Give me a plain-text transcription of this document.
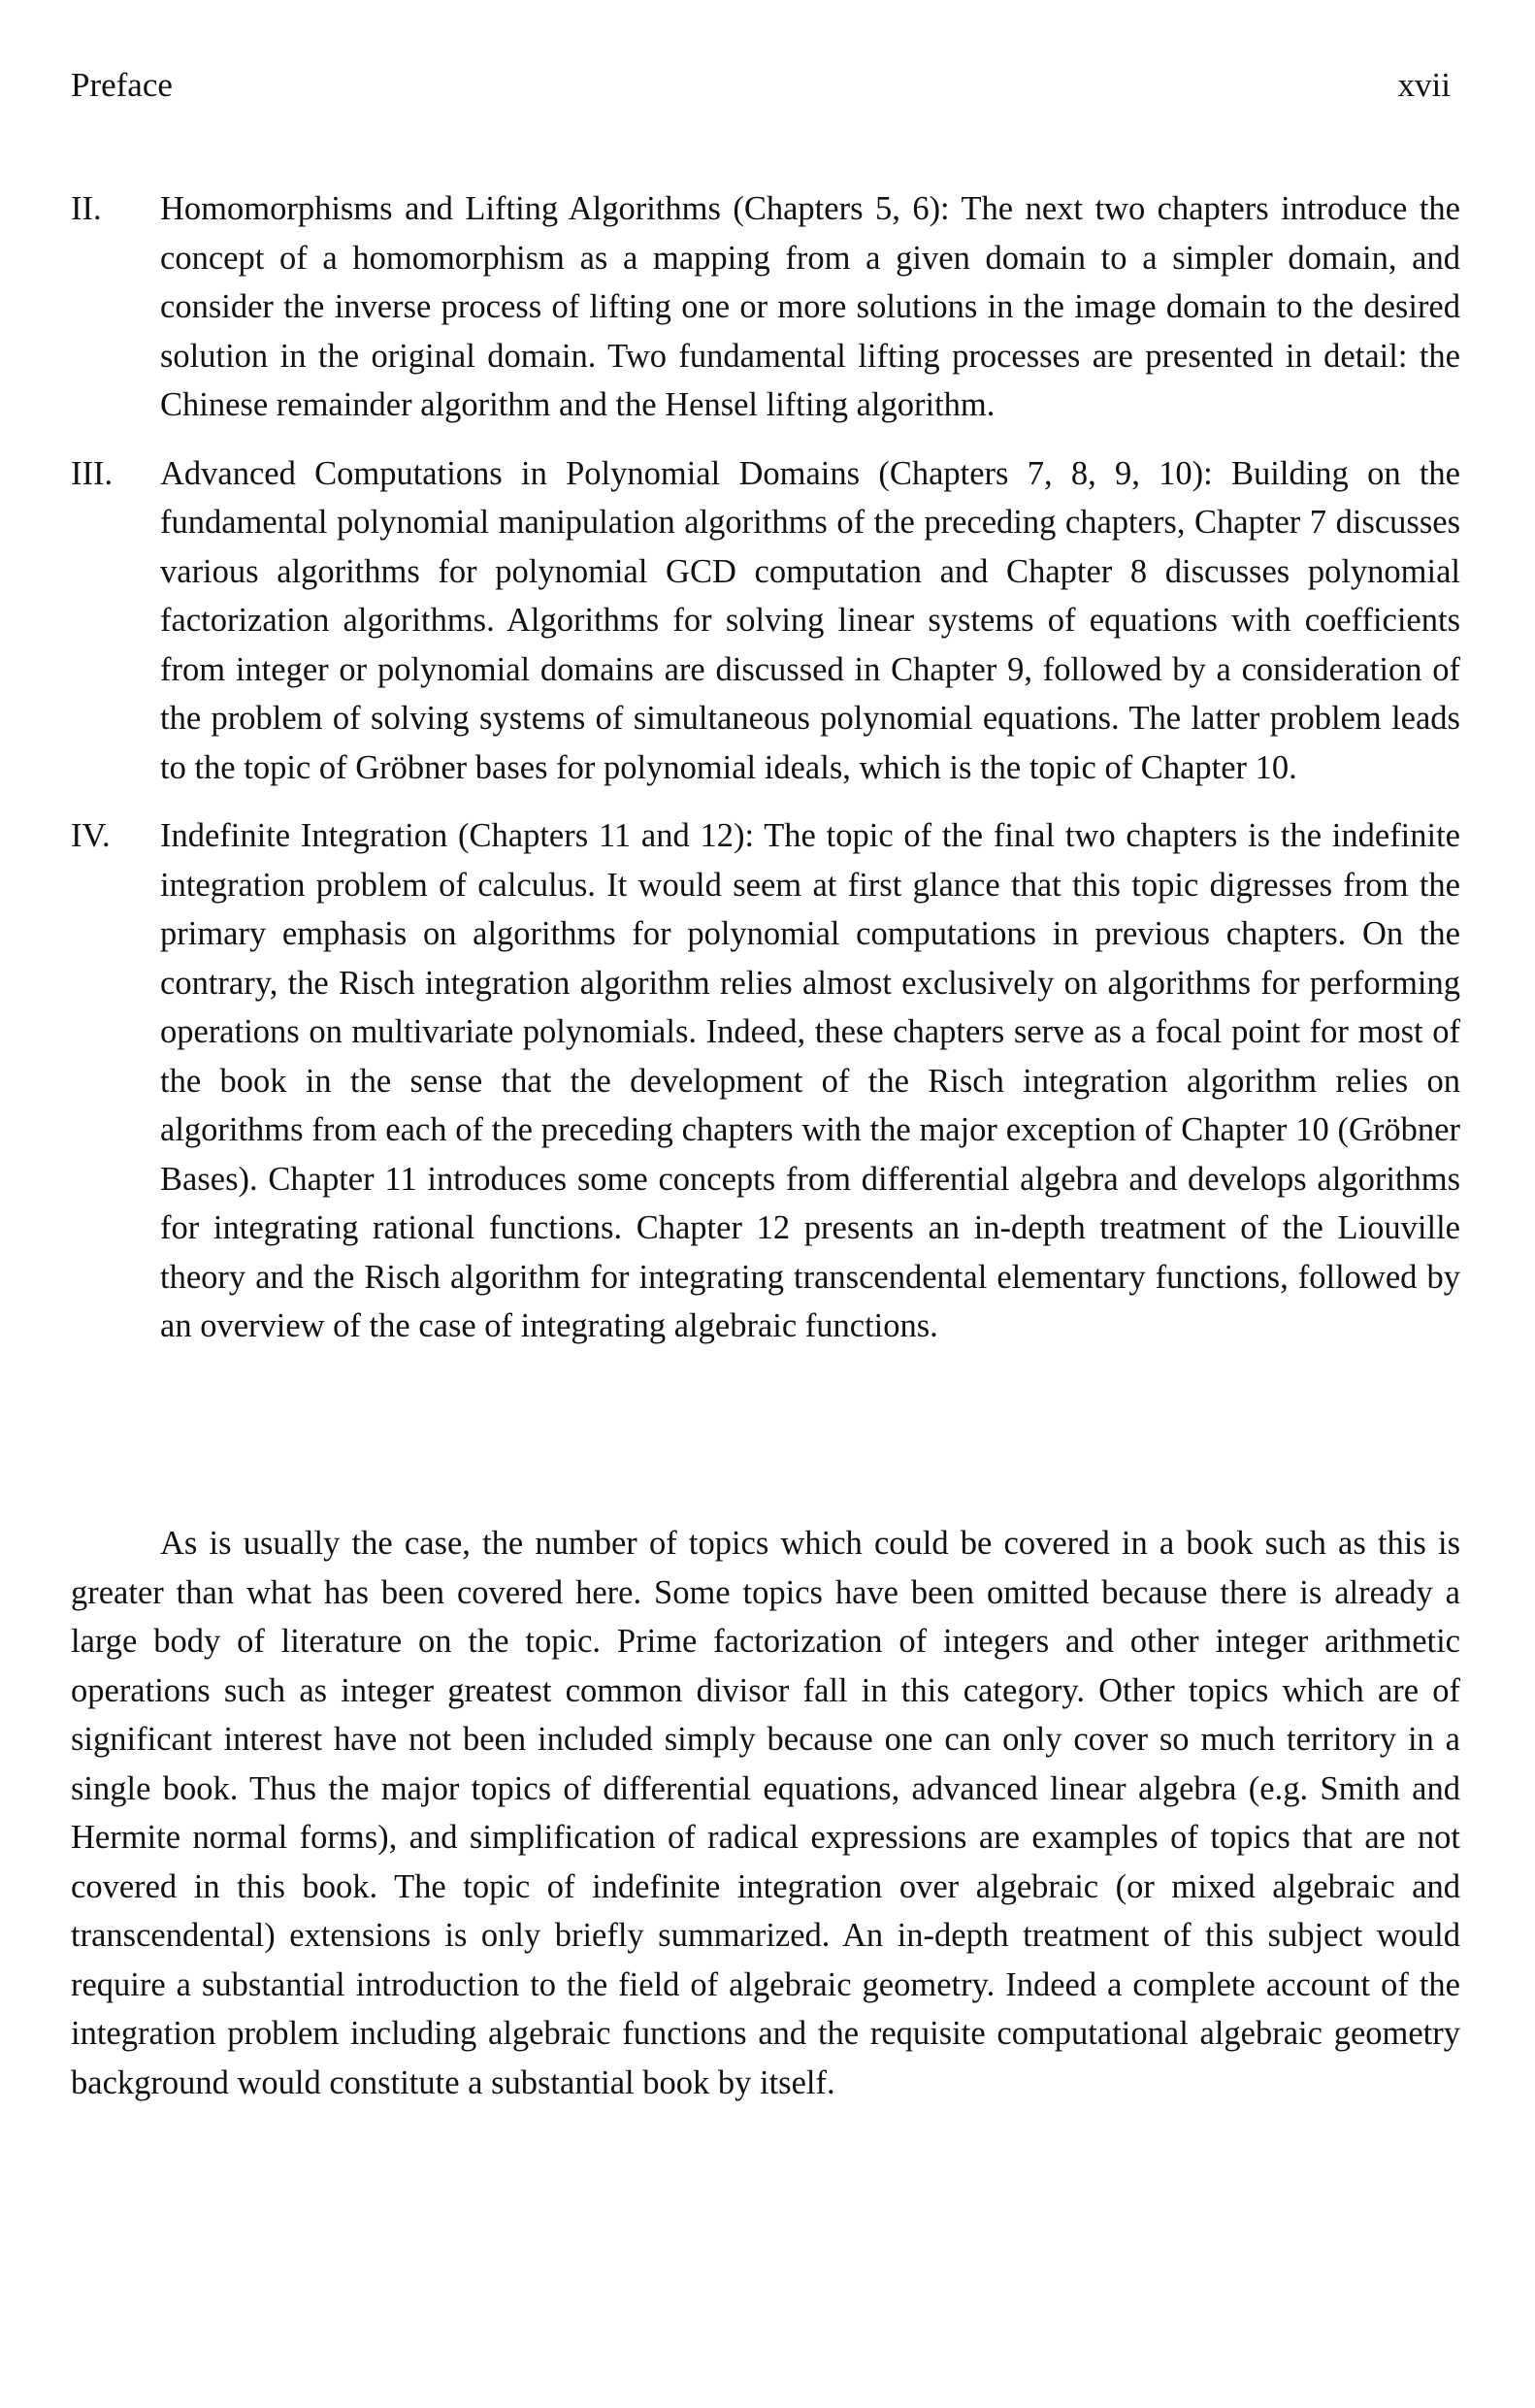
Preface	xvii
II. Homomorphisms and Lifting Algorithms (Chapters 5, 6): The next two chapters introduce the concept of a homomorphism as a mapping from a given domain to a simpler domain, and consider the inverse process of lifting one or more solutions in the image domain to the desired solution in the original domain. Two fundamental lifting processes are presented in detail: the Chinese remainder algorithm and the Hensel lifting algorithm.
III. Advanced Computations in Polynomial Domains (Chapters 7, 8, 9, 10): Building on the fundamental polynomial manipulation algorithms of the preceding chapters, Chapter 7 discusses various algorithms for polynomial GCD computation and Chapter 8 discusses polynomial factorization algorithms. Algorithms for solving linear systems of equations with coefficients from integer or polynomial domains are discussed in Chapter 9, followed by a consideration of the problem of solving systems of simultaneous polynomial equations. The latter problem leads to the topic of Gröbner bases for polynomial ideals, which is the topic of Chapter 10.
IV. Indefinite Integration (Chapters 11 and 12): The topic of the final two chapters is the indefinite integration problem of calculus. It would seem at first glance that this topic digresses from the primary emphasis on algorithms for polynomial computations in previous chapters. On the contrary, the Risch integration algorithm relies almost exclusively on algorithms for performing operations on multivariate polynomials. Indeed, these chapters serve as a focal point for most of the book in the sense that the development of the Risch integration algorithm relies on algorithms from each of the preceding chapters with the major exception of Chapter 10 (Gröbner Bases). Chapter 11 introduces some concepts from differential algebra and develops algorithms for integrating rational functions. Chapter 12 presents an in-depth treatment of the Liouville theory and the Risch algorithm for integrating transcendental elementary functions, followed by an overview of the case of integrating algebraic functions.

As is usually the case, the number of topics which could be covered in a book such as this is greater than what has been covered here. Some topics have been omitted because there is already a large body of literature on the topic. Prime factorization of integers and other integer arithmetic operations such as integer greatest common divisor fall in this category. Other topics which are of significant interest have not been included simply because one can only cover so much territory in a single book. Thus the major topics of differential equations, advanced linear algebra (e.g. Smith and Hermite normal forms), and simplification of radical expressions are examples of topics that are not covered in this book. The topic of indefinite integration over algebraic (or mixed algebraic and transcendental) extensions is only briefly summarized. An in-depth treatment of this subject would require a substantial introduction to the field of algebraic geometry. Indeed a complete account of the integration problem including algebraic functions and the requisite computational algebraic geometry background would constitute a substantial book by itself.
